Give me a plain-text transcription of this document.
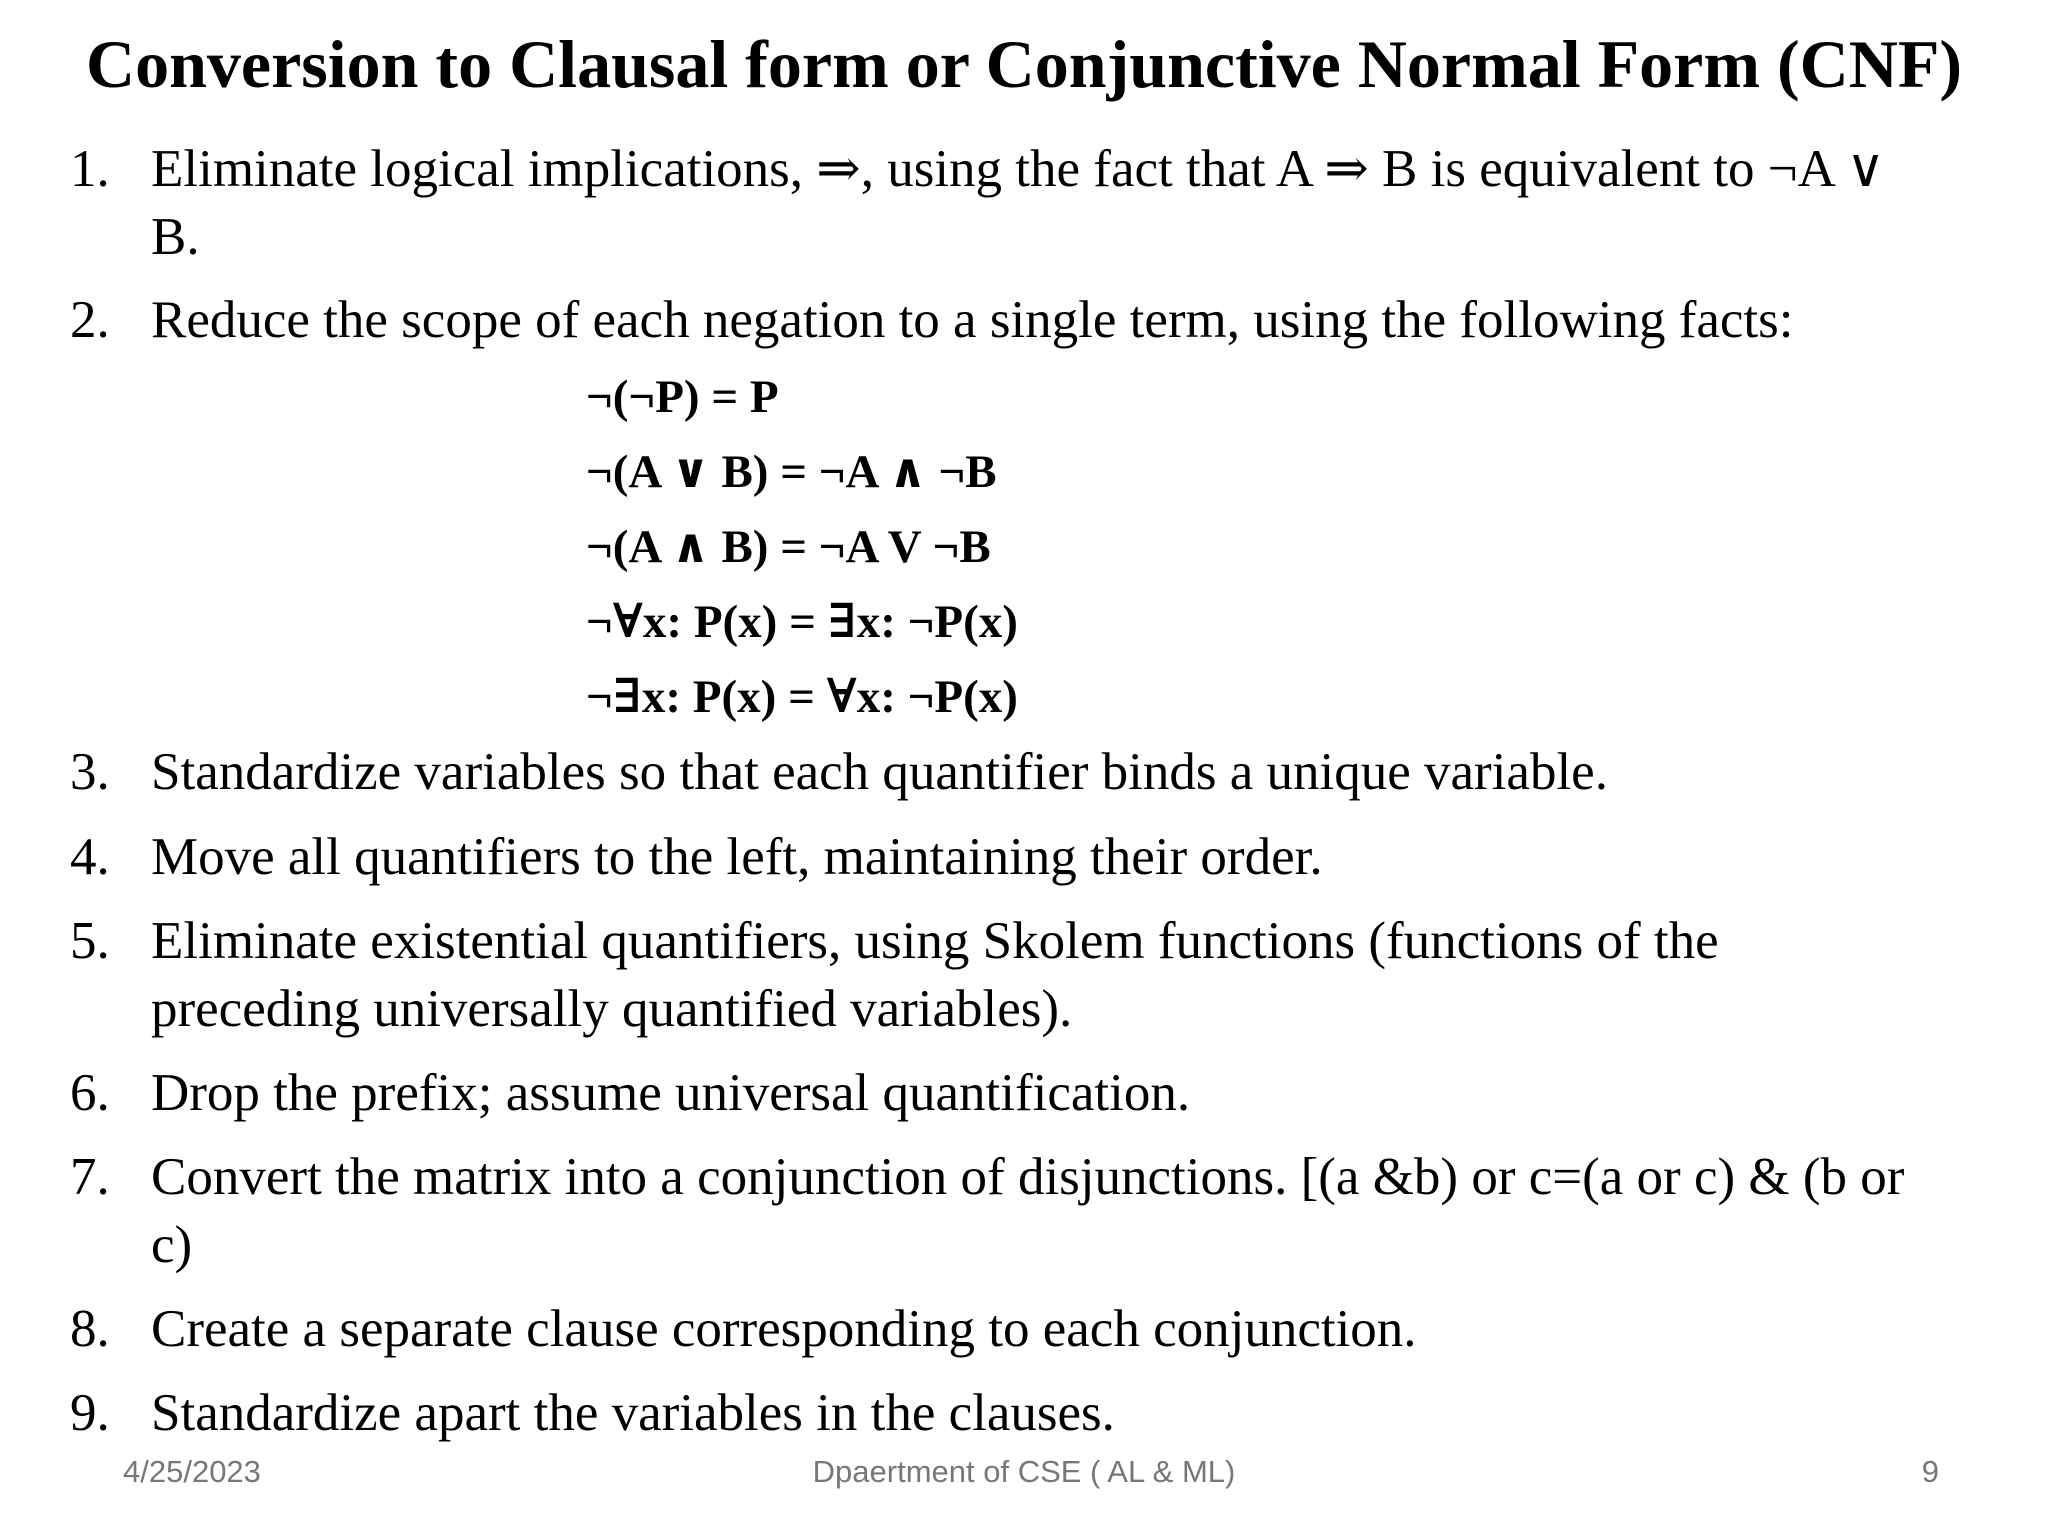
Conversion to Clausal form or Conjunctive Normal Form (CNF)
1. Eliminate logical implications, ⇒, using the fact that A ⇒ B is equivalent to ¬A ∨
B.
2. Reduce the scope of each negation to a single term, using the following facts:
3. Standardize variables so that each quantifier binds a unique variable.
4. Move all quantifiers to the left, maintaining their order.
5. Eliminate existential quantifiers, using Skolem functions (functions of the
preceding universally quantified variables).
6. Drop the prefix; assume universal quantification.
7. Convert the matrix into a conjunction of disjunctions. [(a &b) or c=(a or c) & (b or
c)
8. Create a separate clause corresponding to each conjunction.
9. Standardize apart the variables in the clauses.
¬(¬P) = P
¬(A ∨ B) = ¬A ∧ ¬B
¬(A ∧ B) = ¬A V ¬B
¬∀x: P(x) = ∃x: ¬P(x)
¬∃x: P(x) = ∀x: ¬P(x)
4/25/2023	Dpaertment of CSE ( AL & ML)	9
